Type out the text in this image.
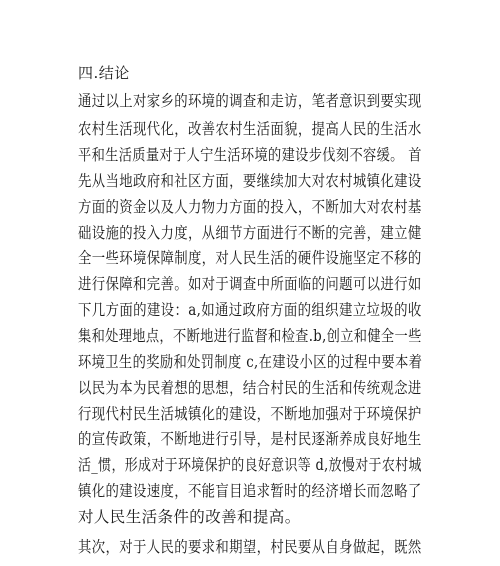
四.结论
通过以上对家乡的环境的调查和走访，笔者意识到要实现
农村生活现代化，改善农村生活面貌，提高人民的生活水
平和生活质量对于人宁生活环境的建设步伐刻不容缓。 首
先从当地政府和社区方面，要继续加大对农村城镇化建设
方面的资金以及人力物力方面的投入，不断加大对农村基
础设施的投入力度，从细节方面进行不断的完善，建立健
全一些环境保障制度，对人民生活的硬件设施坚定不移的
进行保障和完善。如对于调查中所面临的问题可以进行如
下几方面的建设：a,如通过政府方面的组织建立垃圾的收
集和处理地点，不断地进行监督和检查.b,创立和健全一些
环境卫生的奖励和处罚制度 c,在建设小区的过程中要本着
以民为本为民着想的思想，结合村民的生活和传统观念进
行现代村民生活城镇化的建设，不断地加强对于环境保护
的宣传政策，不断地进行引导，是村民逐渐养成良好地生
活_惯，形成对于环境保护的良好意识等 d,放慢对于农村城
镇化的建设速度，不能盲目追求暂时的经济增长而忽略了
对人民生活条件的改善和提高。
其次，对于人民的要求和期望，村民要从自身做起，既然
